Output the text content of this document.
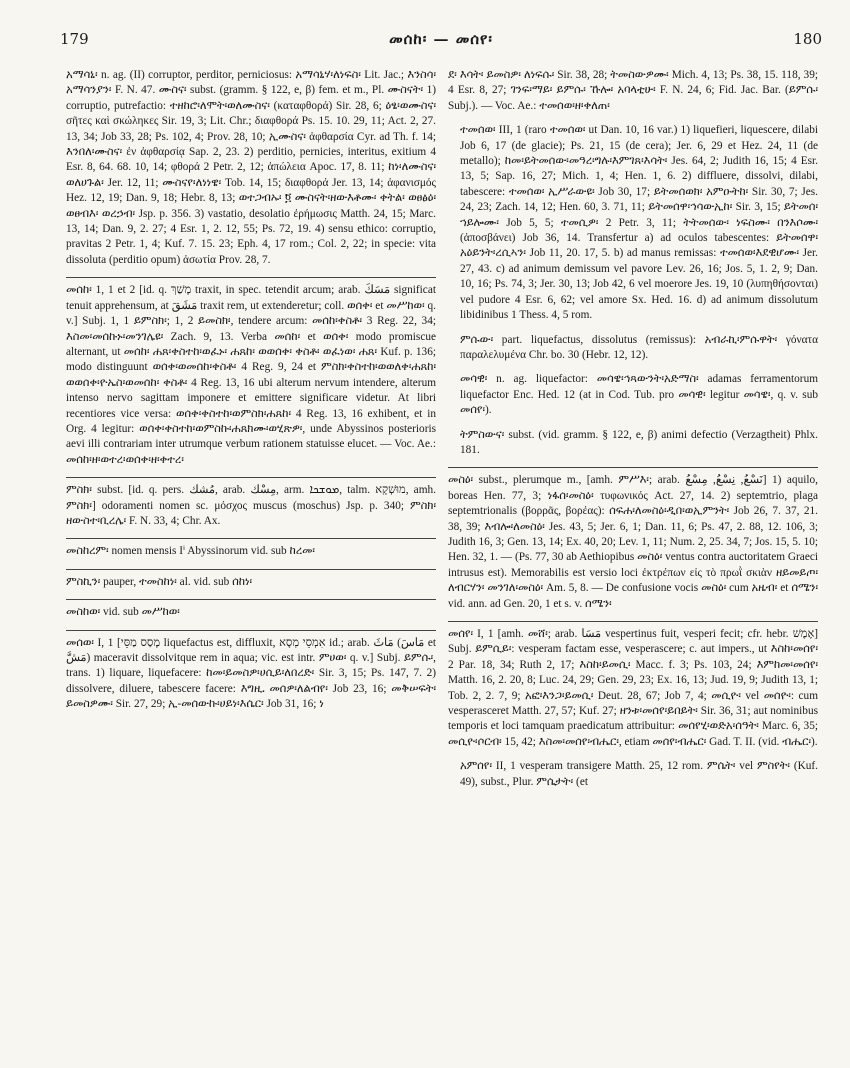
179	መሰከ፡ — መሰየ፡	180

አማሳኒ፡ n. ag. (II) corruptor, perditor, perniciosus: አማሳኒሃ፡ለነፍስ፡ Lit. Jac.; እንስሳ፡አማሳንያን፡ F. N. 47. ሙስና፡ subst. (gramm. § 122, e, β) fem. et m., Pl. ሙስናት፡ 1) corruptio, putrefactio: ተዘከሮ፡ለሞት፡ወለሙስና፡ (καταφθορά) Sir. 28, 6; ዕፄ፡ወሙስና፡ σῆτες καὶ σκώληκες Sir. 19, 3; Lit. Chr.; διαφθορά Ps. 15. 10. 29, 11; Act. 2, 27. 13, 34; Job 33, 28; Ps. 102, 4; Prov. 28, 10; ኢሙስና፡ ἀφθαρσία Cyr. ad Th. f. 14; እንበለ፡ሙስና፡ ἐν ἀφθαρσίᾳ Sap. 2, 23. 2) perditio, pernicies, interitus, exitium 4 Esr. 8, 64. 68. 10, 14; φθορά 2 Petr. 2, 12; ἀπώλεια Apoc. 17, 8. 11; ከነ፡ለሙስና፡ ወለሀጉል፡ Jer. 12, 11; ሙስናየ፡ለነነዌ፡ Tob. 14, 15; διαφθορά Jer. 13, 14; ἀφανισμός Hez. 12, 19; Dan. 9, 18; Hebr. 8, 13; ወተጋብኡ፡ ፬ ሙስናት፡ዘውእቶሙ፡ ቀትል፡ ወፀፅዕ፡ ወፀብእ፡ ወረኃብ፡ Jsp. p. 356. 3) vastatio, desolatio ἐρήμωσις Matth. 24, 15; Marc. 13, 14; Dan. 9, 2. 27; 4 Esr. 1, 2. 12, 55; Ps. 72, 19. 4) sensu ethico: corruptio, pravitas 2 Petr. 1, 4; Kuf. 7. 15. 23; Eph. 4, 17 rom.; Col. 2, 22; in specie: vita dissoluta (perditio opum) ἀσωτία Prov. 28, 7.

መሰከ፡ 1, 1 et 2 [id. q. מָשַׁךְ traxit, in spec. tetendit arcum; arab. مَسَكَ significat tenuit apprehensum, at مَشَقَ traxit rem, ut extenderetur; coll. ወሰቀ፡ et መሥከወ፡ q. v.] Subj. 1, 1 ይምስክ፡; 1, 2 ይመስክ፡, tendere arcum: መሰከ፡ቀስቶ፡ 3 Reg. 22, 34; እስመ፡መሰኩኑ፡መንገሌዩ፡ Zach. 9, 13. Verba መሰከ፡ et ወሰቀ፡ modo promiscue alternant, ut መሰከ፡ ሐጸ፡ቀስተከ፡ወፈኑ፡ ሐጸከ፡ ወወሰቀ፡ ቀስቶ፡ ወፈነወ፡ ሐጸ፡ Kuf. p. 136; modo distinguunt ወሰቀ፡ወመሰከ፡ቀስቶ፡ 4 Reg. 9, 24 et ምስክ፡ቀስተከ፡ወወለቀ፡ሐጸከ፡ወወሰቀ፡ዮኤስ፡ወመሰከ፡ ቀስቶ፡ 4 Reg. 13, 16 ubi alterum nervum intendere, alterum intenso nervo sagittam imponere et emittere significare videtur. At libri recentiores vice versa: ወሰቀ፡ቀስተከ፡ወምስክ፡ሐጸከ፡ 4 Reg. 13, 16 exhibent, et in Org. 4 legitur: ወሰቀ፡ቀስተከ፡ወምስኩ፡ሐጸክሙ፡ወሂጽዎ፡, unde Abyssinos posterioris aevi illi contrariam inter utrumque verbum rationem statuisse elucet. — Voc. Ae.: መሰከ፡ዘ፡ወተረ፡ወሰቀ፡ዘ፡ቀተረ፡

ምስክ፡ subst. [id. q. pers. مُشك, arab. مِسْك, arm. ܡܘܫܟܐ, talm. מוּשְׁקָא, amh. ምስክ፡] odoramenti nomen sc. μόσχος muscus (moschus) Jsp. p. 340; ምስክ፡ዘውስተ፡ቢረሌ፡ F. N. 33, 4; Chr. Ax.

መስከረም፡ nomen mensis Iⁱ Abyssinorum vid. sub ከረመ፡

ምስኪን፡ pauper, ተመስከነ፡ al. vid. sub ሰከነ፡

መስከወ፡ vid. sub መሥከወ፡

መሰወ፡ I, 1 [מָסַס מַסֵּי liquefactus est, diffluxit, אִמְסֵי מְסָא id.; arab. مَاثَ (مَاسَ et مَشَّ) maceravit dissolvitque rem in aqua; vic. est intr. ምሀወ፡ q. v.] Subj. ይምሱ፡, trans. 1) liquare, liquefacere: ከመ፡ይመስዎ፡ሀሲይ፡ለበረድ፡ Sir. 3, 15; Ps. 147, 7. 2) dissolvere, diluere, tabescere facere: እግዚ᎐ መሰዎ፡ለልብየ፡ Job 23, 16; መቅሠፍት፡ ይመስዎሙ፡ Sir. 27, 29; ኢ-መሰውኩ፡ሀይነ፡እሴር፡ Job 31, 16; ነ

ደ፡ እሳት፡ ይመስዎ፡ ለነፍሱ፡ Sir. 38, 28; ትመስውዎሙ፡ Mich. 4, 13; Ps. 38, 15. 118, 39; 4 Esr. 8, 27; ገንፍ፡ማይ፡ ይምሱ፡ ኹሎ፡ አባላቲሁ፡ F. N. 24, 6; Fid. Jac. Bar. (ይምሱ፡ Subj.). — Voc. Ae.: ተመሰወ፡ዘ፡ቀለጠ፡

ተመሰወ፡ III, 1 (raro ተመሰወ፡ ut Dan. 10, 16 var.) 1) liquefieri, liquescere, dilabi Job 6, 17 (de glacie); Ps. 21, 15 (de cera); Jer. 6, 29 et Hez. 24, 11 (de metallo); ከመ፡ይትመሰው፡መዓረ፡ግሉ፡እምገጸ፡እሳት፡ Jes. 64, 2; Judith 16, 15; 4 Esr. 13, 5; Sap. 16, 27; Mich. 1, 4; Hen. 1, 6. 2) diffluere, dissolvi, dilabi, tabescere: ተመሰወ፡ ኢሥራውዩ፡ Job 30, 17; ይትመሰወክ፡ አምዑትከ፡ Sir. 30, 7; Jes. 24, 23; Zach. 14, 12; Hen. 60, 3. 71, 11; ይትመሰዋ፡ኅሳውኢከ፡ Sir. 3, 15; ይትመሰ፡ኀይሎሙ፡ Job 5, 5; ተመሲዎ፡ 2 Petr. 3, 11; ትትመሰው፡ ነፍስሙ፡ በንእሶሙ፡ (ἀποσβάνει) Job 36, 14. Transfertur a) ad oculos tabescentes: ይትመሰዋ፡ አዕይንት፡ረሲኣን፡ Job 11, 20. 17, 5. b) ad manus remissas: ተመሰወ፡እደዊሆሙ፡ Jer. 27, 43. c) ad animum demissum vel pavore Lev. 26, 16; Jos. 5, 1. 2, 9; Dan. 10, 16; Ps. 74, 3; Jer. 30, 13; Job 42, 6 vel moerore Jes. 19, 10 (λυπηθήσονται) vel pudore 4 Esr. 6, 62; vel amore Sx. Hed. 16. d) ad animum dissolutum libidinibus 1 Thess. 4, 5 rom.

ምሱው፡ part. liquefactus, dissolutus (remissus): አብራኪ፡ምሱዋት፡ γόνατα παραλελυμένα Chr. bo. 30 (Hebr. 12, 12).

መሳዊ፡ n. ag. liquefactor: መሳዌ፡ኅጻውንት፡አድማስ፡ adamas ferramentorum liquefactor Enc. Hed. 12 (at in Cod. Tub. pro መሳዊ፡ legitur መሳዌ፡, q. v. sub መሰየ፡).

ትምስውና፡ subst. (vid. gramm. § 122, e, β) animi defectio (Verzagtheit) Phlx. 181.

መስዕ፡ subst., plerumque m., [amh. ምሥእ፡; arab. نَسْعُ, نِسْعُ, مِسْعُ] 1) aquilo, boreas Hen. 77, 3; ነፋሰ፡መስዕ፡ τυφωνικός Act. 27, 14. 2) septemtrio, plaga septemtrionalis (βορρᾶς, βορέας): ሰፍሐ፡ለመስዕ፡ዲበ፡ወኢምንት፡ Job 26, 7. 37, 21. 38, 39; እብሎ፡ለመስዕ፡ Jes. 43, 5; Jer. 6, 1; Dan. 11, 6; Ps. 47, 2. 88, 12. 106, 3; Judith 16, 3; Gen. 13, 14; Ex. 40, 20; Lev. 1, 11; Num. 2, 25. 34, 7; Jos. 15, 5. 10; Hen. 32, 1. — (Ps. 77, 30 ab Aethiopibus መስዕ፡ ventus contra auctoritatem Graeci intrusus est). Memorabilis est versio loci ἐκτρέπων εἰς τὸ πρωῒ σκιὰν ዘይመይጦ፡ለብርሃን፡ መንገለ፡መስዕ፡ Am. 5, 8. — De confusione vocis መስዕ፡ cum አዜብ፡ et ሰሜን፡ vid. ann. ad Gen. 20, 1 et s. v. ሰሜን፡

መሰየ፡ I, 1 [amh. መሸ፡; arab. مَسَا vespertinus fuit, vesperi fecit; cfr. hebr. אֶמֶשׁ] Subj. ይምሲይ፡: vesperam factam esse, vesperascere; c. aut impers., ut እስከ፡መሰየ፡ 2 Par. 18, 34; Ruth 2, 17; እስከ፡ይመሲ፡ Macc. f. 3; Ps. 103, 24; እምከመ፡መሰየ፡ Matth. 16, 2. 20, 8; Luc. 24, 29; Gen. 29, 23; Ex. 16, 13; Jud. 19, 9; Judith 13, 1; Tob. 2, 2. 7, 9; አፎ፡እንጋ፡ይመሲ፡ Deut. 28, 67; Job 7, 4; መሲዮ፡ vel መሰዮ፡: cum vesperasceret Matth. 27, 57; Kuf. 27; ዘንቱ፡መሰየ፡ይበይት፡ Sir. 36, 31; aut nominibus temporis et loci tamquam praedicatum attribuitur: መሰየሂ፡ወድአ፡ሰዓት፡ Marc. 6, 35; መሲዮ፡ሶርብ፡ 15, 42; እስመ፡መሰየ፡ብሔር፡, etiam መሰየ፡ብሔር፡ Gad. T. II. (vid. ብሔር፡).

አምሰየ፡ II, 1 vesperam transigere Matth. 25, 12 rom. ምሴት፡ vel ምስየት፡ (Kuf. 49), subst., Plur. ምሴታት፡ (et
